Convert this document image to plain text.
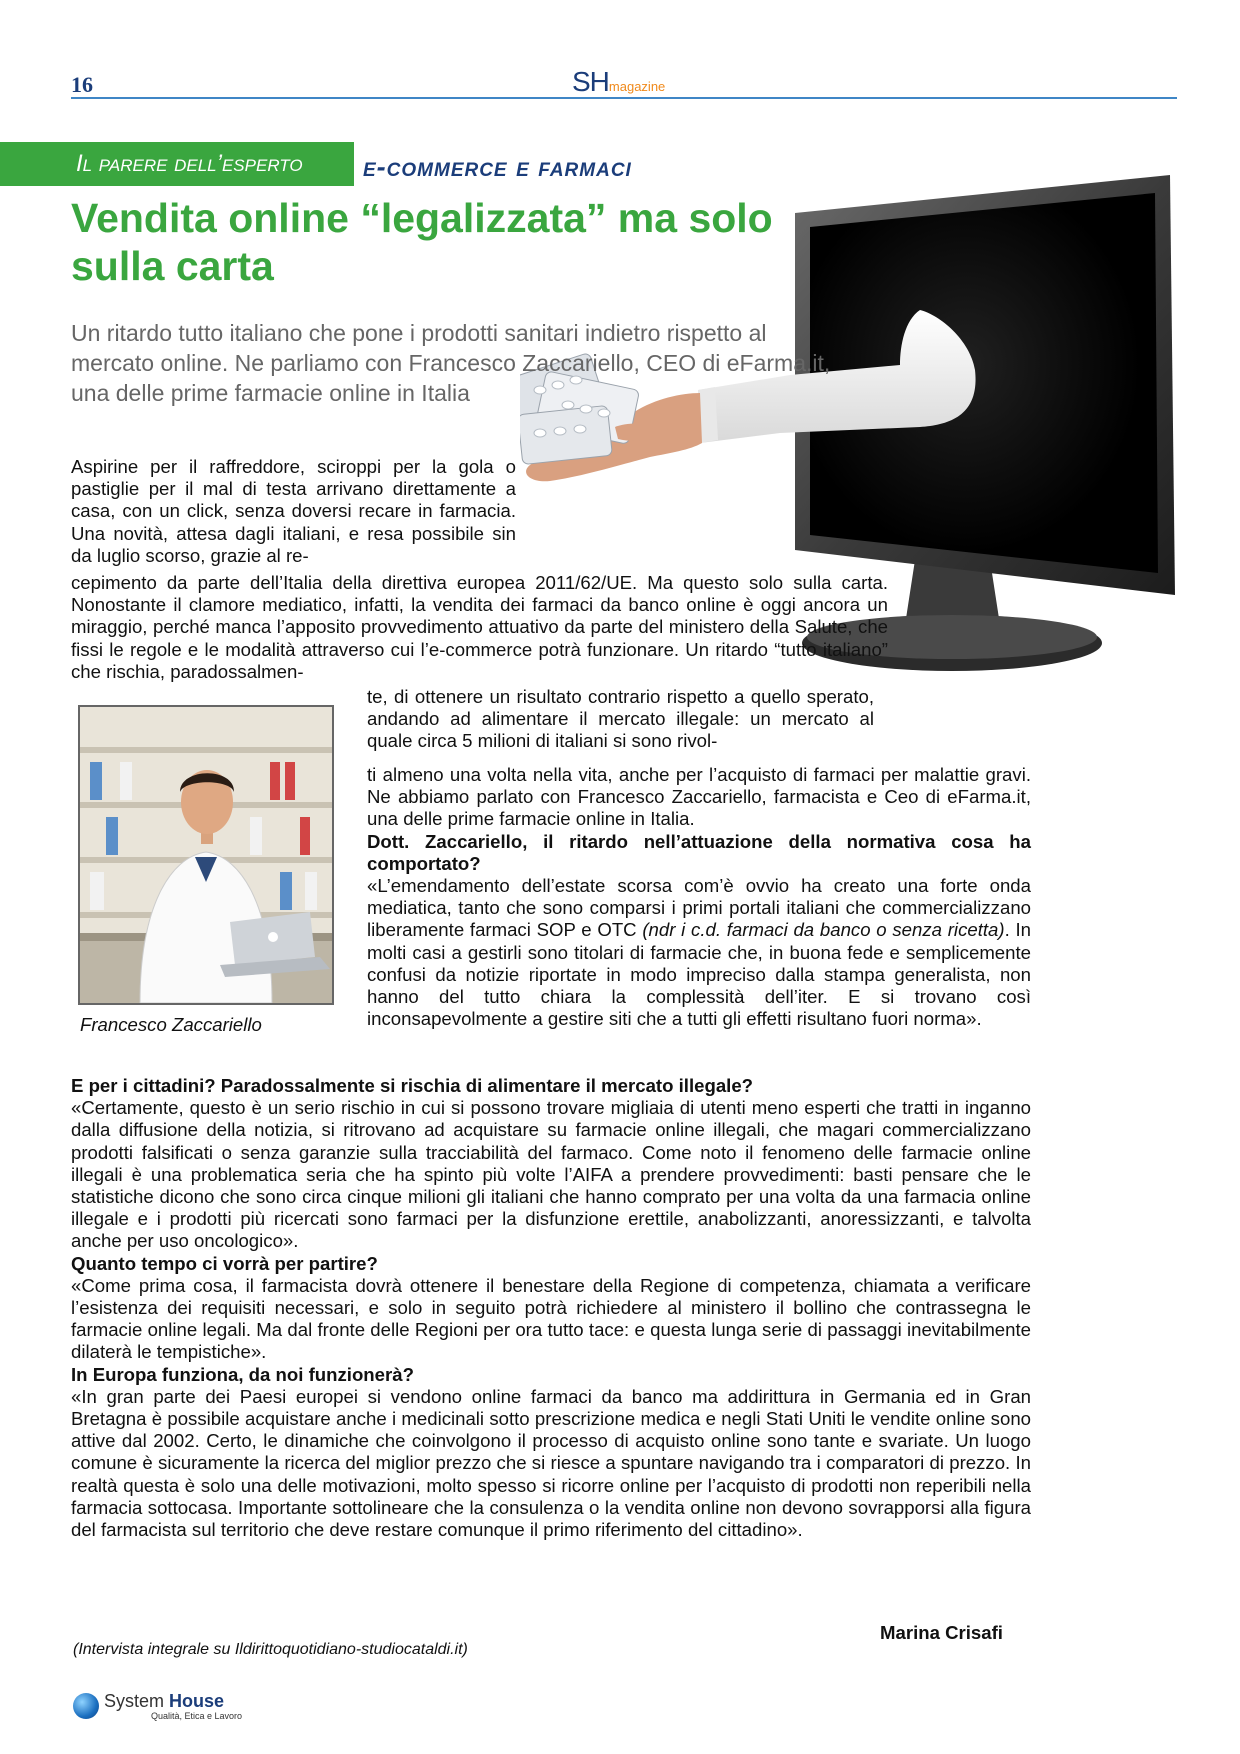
16	SHmagazine
Il parere dell’esperto e-commerce e farmaci
Vendita online “legalizzata” ma solo sulla carta
Un ritardo tutto italiano che pone i prodotti sanitari indietro rispetto al mercato online. Ne parliamo con Francesco Zaccariello, CEO di eFarma.it, una delle prime farmacie online in Italia
Aspirine per il raffreddore, sciroppi per la gola o pastiglie per il mal di testa arrivano direttamente a casa, con un click, senza doversi recare in farmacia. Una novità, attesa dagli italiani, e resa possibile sin da luglio scorso, grazie al re-
cepimento da parte dell’Italia della direttiva europea 2011/62/UE. Ma questo solo sulla carta. Nonostante il clamore mediatico, infatti, la vendita dei farmaci da banco online è oggi ancora un miraggio, perché manca l’apposito provvedimento attuativo da parte del ministero della Salute, che fissi le regole e le modalità attraverso cui l’e-commerce potrà funzionare. Un ritardo “tutto italiano” che rischia, paradossalmen-
Francesco Zaccariello
te, di ottenere un risultato contrario rispetto a quello sperato, andando ad alimentare il mercato illegale: un mercato al quale circa 5 milioni di italiani si sono rivol-
ti almeno una volta nella vita, anche per l’acquisto di farmaci per malattie gravi. Ne abbiamo parlato con Francesco Zaccariello, farmacista e Ceo di eFarma.it, una delle prime farmacie online in Italia.
Dott. Zaccariello, il ritardo nell’attuazione della normativa cosa ha comportato?
«L’emendamento dell’estate scorsa com’è ovvio ha creato una forte onda mediatica, tanto che sono comparsi i primi portali italiani che commercializzano liberamente farmaci SOP e OTC (ndr i c.d. farmaci da banco o senza ricetta). In molti casi a gestirli sono titolari di farmacie che, in buona fede e semplicemente confusi da notizie riportate in modo impreciso dalla stampa generalista, non hanno del tutto chiara la complessità dell’iter. E si trovano così inconsapevolmente a gestire siti che a tutti gli effetti risultano fuori norma».
E per i cittadini? Paradossalmente si rischia di alimentare il mercato illegale?
«Certamente, questo è un serio rischio in cui si possono trovare migliaia di utenti meno esperti che tratti in inganno dalla diffusione della notizia, si ritrovano ad acquistare su farmacie online illegali, che magari commercializzano prodotti falsificati o senza garanzie sulla tracciabilità del farmaco. Come noto il fenomeno delle farmacie online illegali è una problematica seria che ha spinto più volte l’AIFA a prendere provvedimenti: basti pensare che le statistiche dicono che sono circa cinque milioni gli italiani che hanno comprato per una volta da una farmacia online illegale e i prodotti più ricercati sono farmaci per la disfunzione erettile, anabolizzanti, anoressizzanti, e talvolta anche per uso oncologico».
Quanto tempo ci vorrà per partire?
«Come prima cosa, il farmacista dovrà ottenere il benestare della Regione di competenza, chiamata a verificare l’esistenza dei requisiti necessari, e solo in seguito potrà richiedere al ministero il bollino che contrassegna le farmacie online legali. Ma dal fronte delle Regioni per ora tutto tace: e questa lunga serie di passaggi inevitabilmente dilaterà le tempistiche».
In Europa funziona, da noi funzionerà?
«In gran parte dei Paesi europei si vendono online farmaci da banco ma addirittura in Germania ed in Gran Bretagna è possibile acquistare anche i medicinali sotto prescrizione medica e negli Stati Uniti le vendite online sono attive dal 2002. Certo, le dinamiche che coinvolgono il processo di acquisto online sono tante e svariate. Un luogo comune è sicuramente la ricerca del miglior prezzo che si riesce a spuntare navigando tra i comparatori di prezzo. In realtà questa è solo una delle motivazioni, molto spesso si ricorre online per l’acquisto di prodotti non reperibili nella farmacia sottocasa. Importante sottolineare che la consulenza o la vendita online non devono sovrapporsi alla figura del farmacista sul territorio che deve restare comunque il primo riferimento del cittadino».
Marina Crisafi
(Intervista integrale su Ildirittoquotidiano-studiocataldi.it)
System House
Qualità, Etica e Lavoro
